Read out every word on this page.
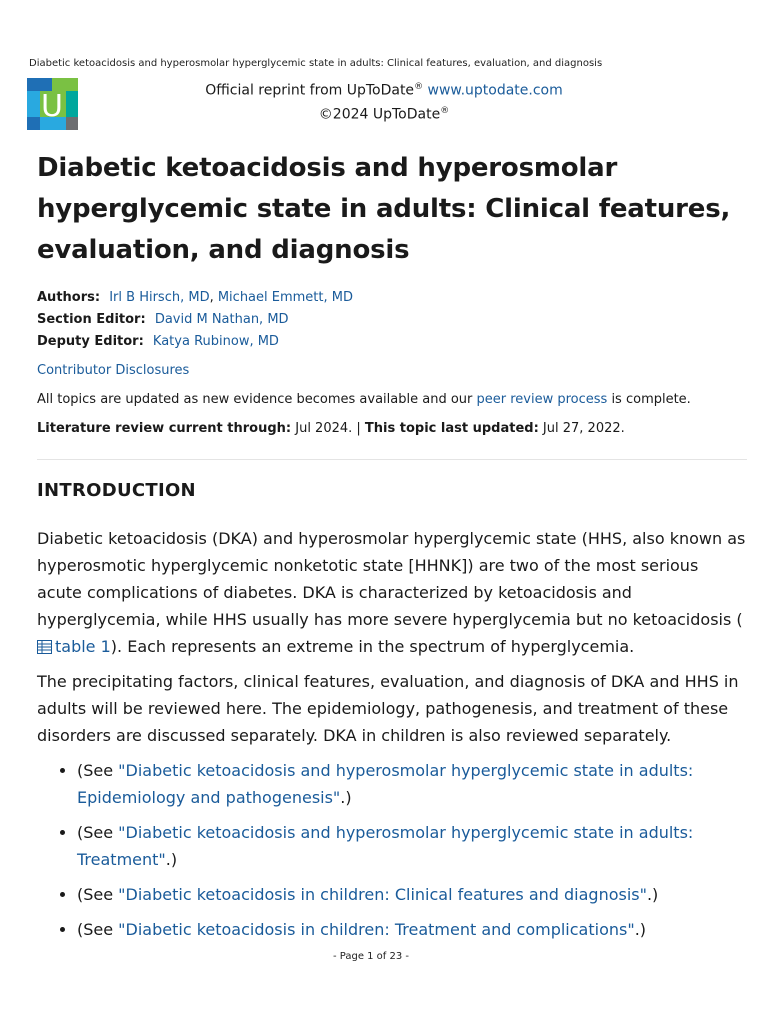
Diabetic ketoacidosis and hyperosmolar hyperglycemic state in adults: Clinical features, evaluation, and diagnosis
U	Official reprint from UpToDate® www.uptodate.com
©2024 UpToDate®
Diabetic ketoacidosis and hyperosmolar hyperglycemic state in adults: Clinical features, evaluation, and diagnosis
Authors: Irl B Hirsch, MD, Michael Emmett, MD
Section Editor: David M Nathan, MD
Deputy Editor: Katya Rubinow, MD
Contributor Disclosures
All topics are updated as new evidence becomes available and our peer review process is complete.
Literature review current through: Jul 2024. | This topic last updated: Jul 27, 2022.
INTRODUCTION

Diabetic ketoacidosis (DKA) and hyperosmolar hyperglycemic state (HHS, also known as hyperosmotic hyperglycemic nonketotic state [HHNK]) are two of the most serious acute complications of diabetes. DKA is characterized by ketoacidosis and hyperglycemia, while HHS usually has more severe hyperglycemia but no ketoacidosis (table 1). Each represents an extreme in the spectrum of hyperglycemia.

The precipitating factors, clinical features, evaluation, and diagnosis of DKA and HHS in adults will be reviewed here. The epidemiology, pathogenesis, and treatment of these disorders are discussed separately. DKA in children is also reviewed separately.

• (See "Diabetic ketoacidosis and hyperosmolar hyperglycemic state in adults: Epidemiology and pathogenesis".)
• (See "Diabetic ketoacidosis and hyperosmolar hyperglycemic state in adults: Treatment".)
• (See "Diabetic ketoacidosis in children: Clinical features and diagnosis".)
• (See "Diabetic ketoacidosis in children: Treatment and complications".)
- Page 1 of 23 -
